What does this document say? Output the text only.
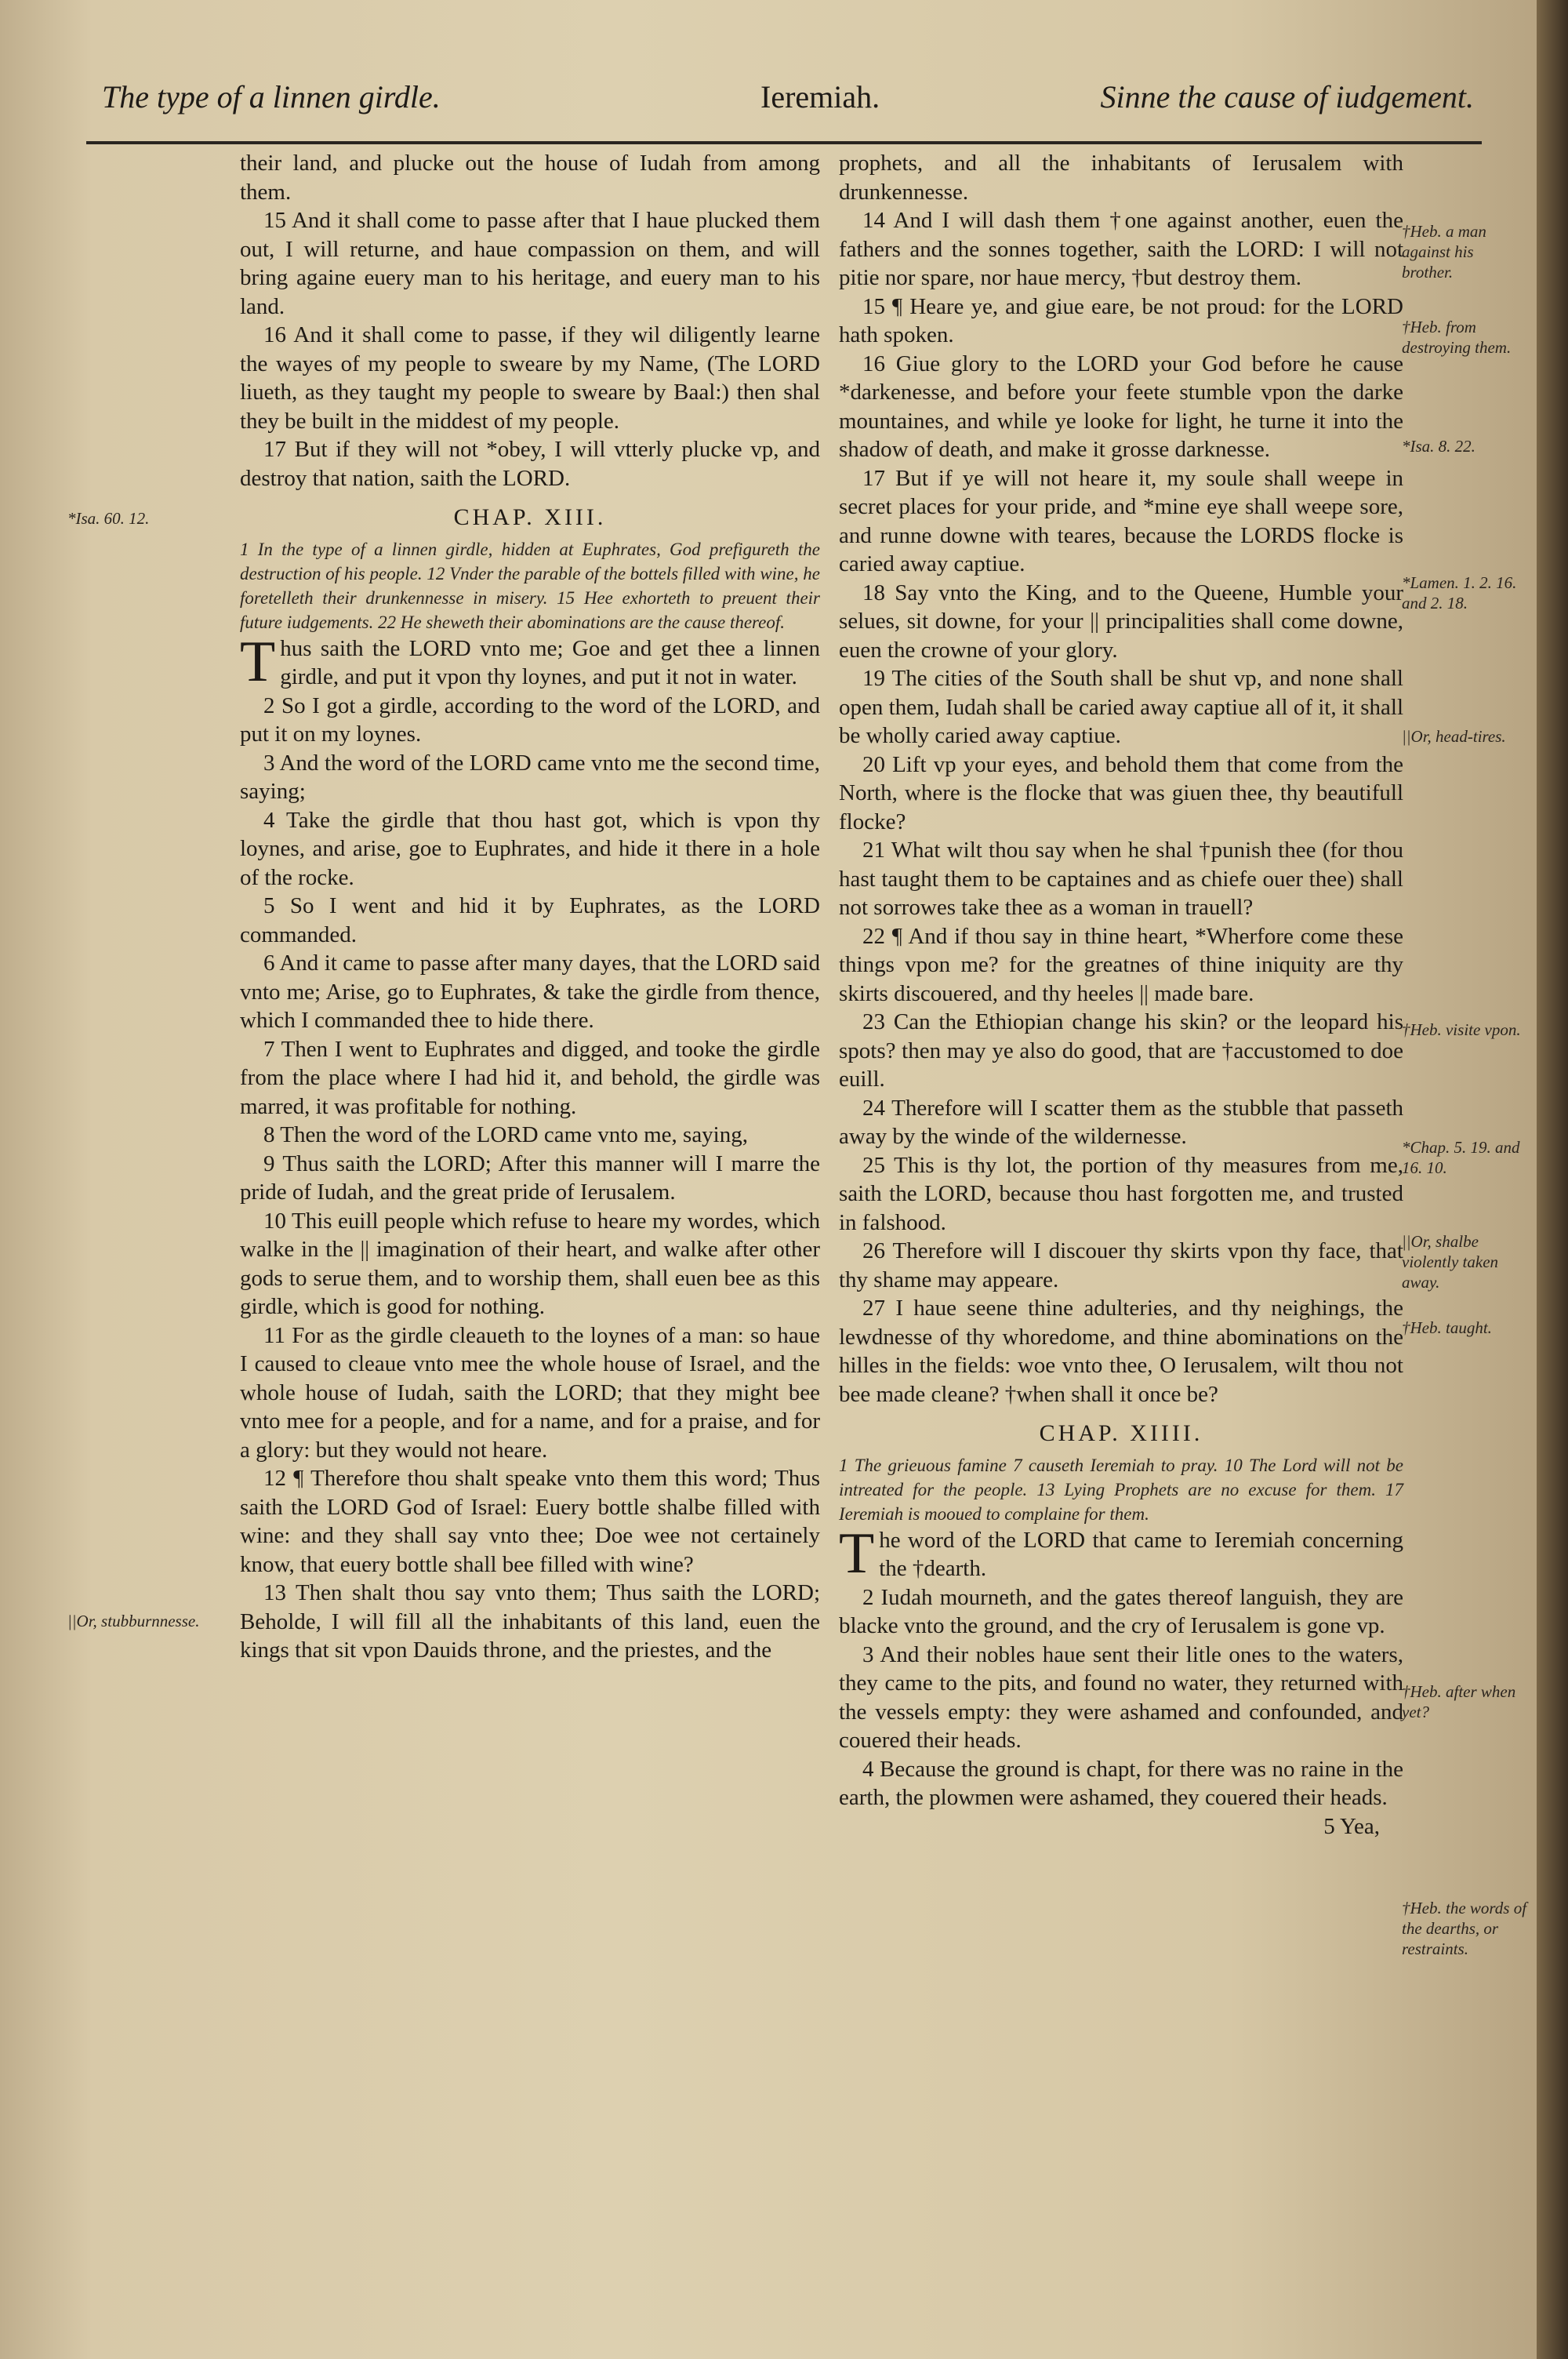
The type of a linnen girdle.	Ieremiah.	Sinne the cause of iudgement.
*Isa. 60. 12.
||Or, stubburnnesse.

their land, and plucke out the house of Iudah from among them.

15 And it shall come to passe after that I haue plucked them out, I will returne, and haue compassion on them, and will bring againe euery man to his heritage, and euery man to his land.

16 And it shall come to passe, if they wil diligently learne the wayes of my people to sweare by my Name, (The LORD liueth, as they taught my people to sweare by Baal:) then shal they be built in the middest of my people.

17 But if they will not *obey, I will vtterly plucke vp, and destroy that nation, saith the LORD.

CHAP. XIII.

1 In the type of a linnen girdle, hidden at Euphrates, God prefigureth the destruction of his people. 12 Vnder the parable of the bottels filled with wine, he foretelleth their drunkennesse in misery. 15 Hee exhorteth to preuent their future iudgements. 22 He sheweth their abominations are the cause thereof.

Thus saith the LORD vnto me; Goe and get thee a linnen girdle, and put it vpon thy loynes, and put it not in water.

2 So I got a girdle, according to the word of the LORD, and put it on my loynes.

3 And the word of the LORD came vnto me the second time, saying;

4 Take the girdle that thou hast got, which is vpon thy loynes, and arise, goe to Euphrates, and hide it there in a hole of the rocke.

5 So I went and hid it by Euphrates, as the LORD commanded.

6 And it came to passe after many dayes, that the LORD said vnto me; Arise, go to Euphrates, & take the girdle from thence, which I commanded thee to hide there.

7 Then I went to Euphrates and digged, and tooke the girdle from the place where I had hid it, and behold, the girdle was marred, it was profitable for nothing.

8 Then the word of the LORD came vnto me, saying,

9 Thus saith the LORD; After this manner will I marre the pride of Iudah, and the great pride of Ierusalem.

10 This euill people which refuse to heare my wordes, which walke in the || imagination of their heart, and walke after other gods to serue them, and to worship them, shall euen bee as this girdle, which is good for nothing.

11 For as the girdle cleaueth to the loynes of a man: so haue I caused to cleaue vnto mee the whole house of Israel, and the whole house of Iudah, saith the LORD; that they might bee vnto mee for a people, and for a name, and for a praise, and for a glory: but they would not heare.

12 ¶ Therefore thou shalt speake vnto them this word; Thus saith the LORD God of Israel: Euery bottle shalbe filled with wine: and they shall say vnto thee; Doe wee not certainely know, that euery bottle shall bee filled with wine?

13 Then shalt thou say vnto them; Thus saith the LORD; Beholde, I will fill all the inhabitants of this land, euen the kings that sit vpon Dauids throne, and the priestes, and the

prophets, and all the inhabitants of Ierusalem with drunkennesse.

14 And I will dash them †one against another, euen the fathers and the sonnes together, saith the LORD: I will not pitie nor spare, nor haue mercy, †but destroy them.

15 ¶ Heare ye, and giue eare, be not proud: for the LORD hath spoken.

16 Giue glory to the LORD your God before he cause *darkenesse, and before your feete stumble vpon the darke mountaines, and while ye looke for light, he turne it into the shadow of death, and make it grosse darknesse.

17 But if ye will not heare it, my soule shall weepe in secret places for your pride, and *mine eye shall weepe sore, and runne downe with teares, because the LORDS flocke is caried away captiue.

18 Say vnto the King, and to the Queene, Humble your selues, sit downe, for your || principalities shall come downe, euen the crowne of your glory.

19 The cities of the South shall be shut vp, and none shall open them, Iudah shall be caried away captiue all of it, it shall be wholly caried away captiue.

20 Lift vp your eyes, and behold them that come from the North, where is the flocke that was giuen thee, thy beautifull flocke?

21 What wilt thou say when he shal †punish thee (for thou hast taught them to be captaines and as chiefe ouer thee) shall not sorrowes take thee as a woman in trauell?

22 ¶ And if thou say in thine heart, *Wherfore come these things vpon me? for the greatnes of thine iniquity are thy skirts discouered, and thy heeles || made bare.

23 Can the Ethiopian change his skin? or the leopard his spots? then may ye also do good, that are †accustomed to doe euill.

24 Therefore will I scatter them as the stubble that passeth away by the winde of the wildernesse.

25 This is thy lot, the portion of thy measures from me, saith the LORD, because thou hast forgotten me, and trusted in falshood.

26 Therefore will I discouer thy skirts vpon thy face, that thy shame may appeare.

27 I haue seene thine adulteries, and thy neighings, the lewdnesse of thy whoredome, and thine abominations on the hilles in the fields: woe vnto thee, O Ierusalem, wilt thou not bee made cleane? †when shall it once be?

CHAP. XIIII.

1 The grieuous famine 7 causeth Ieremiah to pray. 10 The Lord will not be intreated for the people. 13 Lying Prophets are no excuse for them. 17 Ieremiah is mooued to complaine for them.

The word of the LORD that came to Ieremiah concerning the †dearth.

2 Iudah mourneth, and the gates thereof languish, they are blacke vnto the ground, and the cry of Ierusalem is gone vp.

3 And their nobles haue sent their litle ones to the waters, they came to the pits, and found no water, they returned with the vessels empty: they were ashamed and confounded, and couered their heads.

4 Because the ground is chapt, for there was no raine in the earth, the plowmen were ashamed, they couered their heads.

5 Yea,

†Heb. a man against his brother.
†Heb. from destroying them.
*Isa. 8. 22.
*Lamen. 1. 2. 16. and 2. 18.
||Or, head-tires.
†Heb. visite vpon.
*Chap. 5. 19. and 16. 10.
||Or, shalbe violently taken away.
†Heb. taught.
†Heb. after when yet?
†Heb. the words of the dearths, or restraints.
